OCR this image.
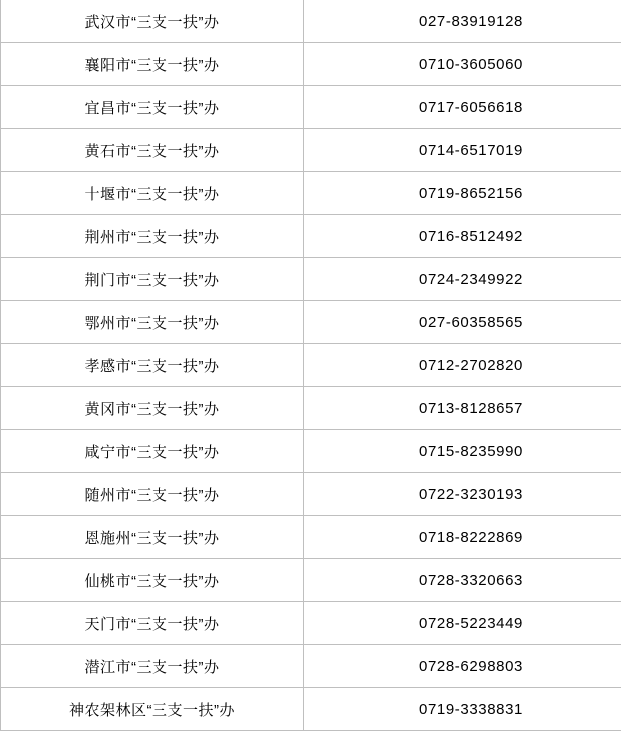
武汉市“三支一扶”办	027-83919128
襄阳市“三支一扶”办	0710-3605060
宜昌市“三支一扶”办	0717-6056618
黄石市“三支一扶”办	0714-6517019
十堰市“三支一扶”办	0719-8652156
荆州市“三支一扶”办	0716-8512492
荆门市“三支一扶”办	0724-2349922
鄂州市“三支一扶”办	027-60358565
孝感市“三支一扶”办	0712-2702820
黄冈市“三支一扶”办	0713-8128657
咸宁市“三支一扶”办	0715-8235990
随州市“三支一扶”办	0722-3230193
恩施州“三支一扶”办	0718-8222869
仙桃市“三支一扶”办	0728-3320663
天门市“三支一扶”办	0728-5223449
潜江市“三支一扶”办	0728-6298803
神农架林区“三支一扶”办	0719-3338831
